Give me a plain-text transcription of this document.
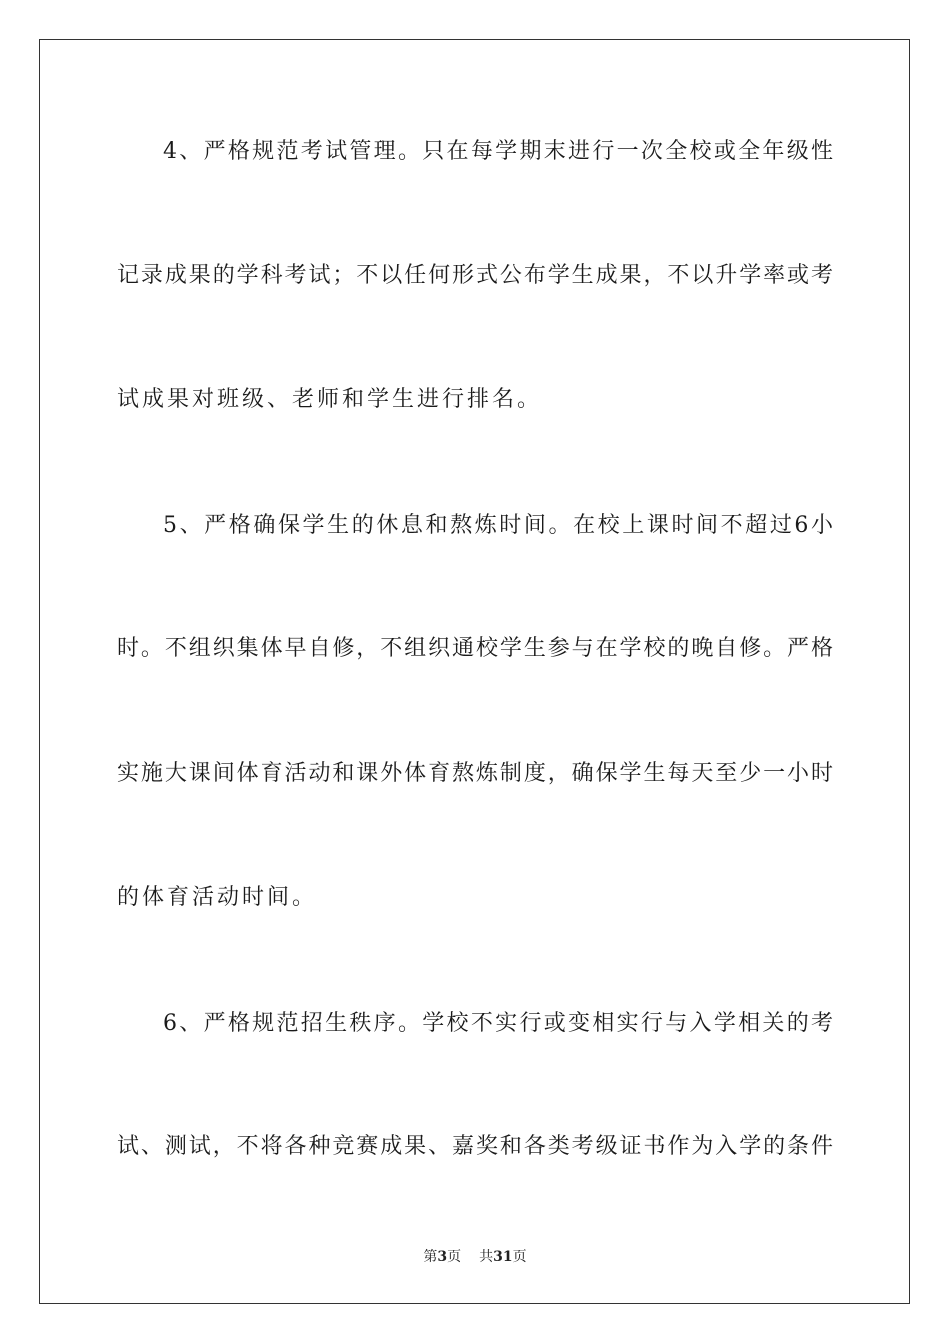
4、严格规范考试管理。只在每学期末进行一次全校或全年级性
记录成果的学科考试；不以任何形式公布学生成果，不以升学率或考
试成果对班级、老师和学生进行排名。
5、严格确保学生的休息和熬炼时间。在校上课时间不超过6小
时。不组织集体早自修，不组织通校学生参与在学校的晚自修。严格
实施大课间体育活动和课外体育熬炼制度，确保学生每天至少一小时
的体育活动时间。
6、严格规范招生秩序。学校不实行或变相实行与入学相关的考
试、测试，不将各种竞赛成果、嘉奖和各类考级证书作为入学的条件
第3页 共31页
